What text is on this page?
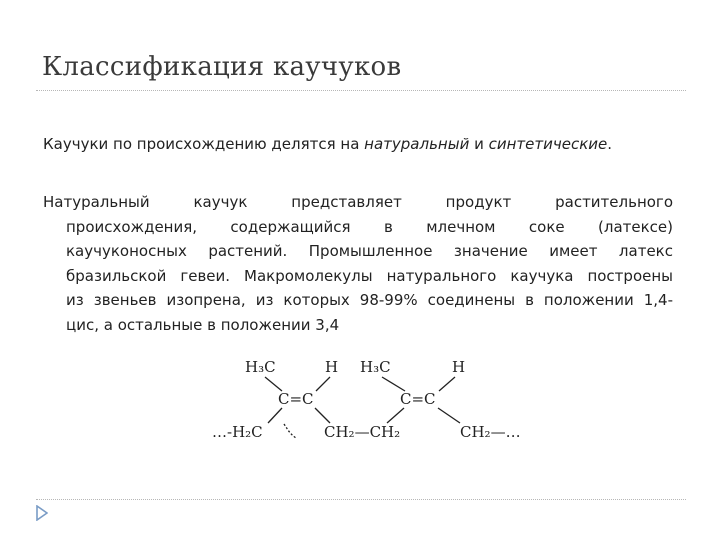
Классификация каучуков
Каучуки по происхождению делятся на натуральный и синтетические.
Натуральный каучук представляет продукт растительного
происхождения, содержащийся в млечном соке (латексе)
каучуконосных растений. Промышленное значение имеет латекс
бразильской гевеи. Макромолекулы натурального каучука построены
из звеньев изопрена, из которых 98-99% соединены в положении 1,4-
цис, а остальные в положении 3,4
H₃C	H H₃C	H
C=C	C=C
…-H₂C	CH₂—CH₂	CH₂—…
